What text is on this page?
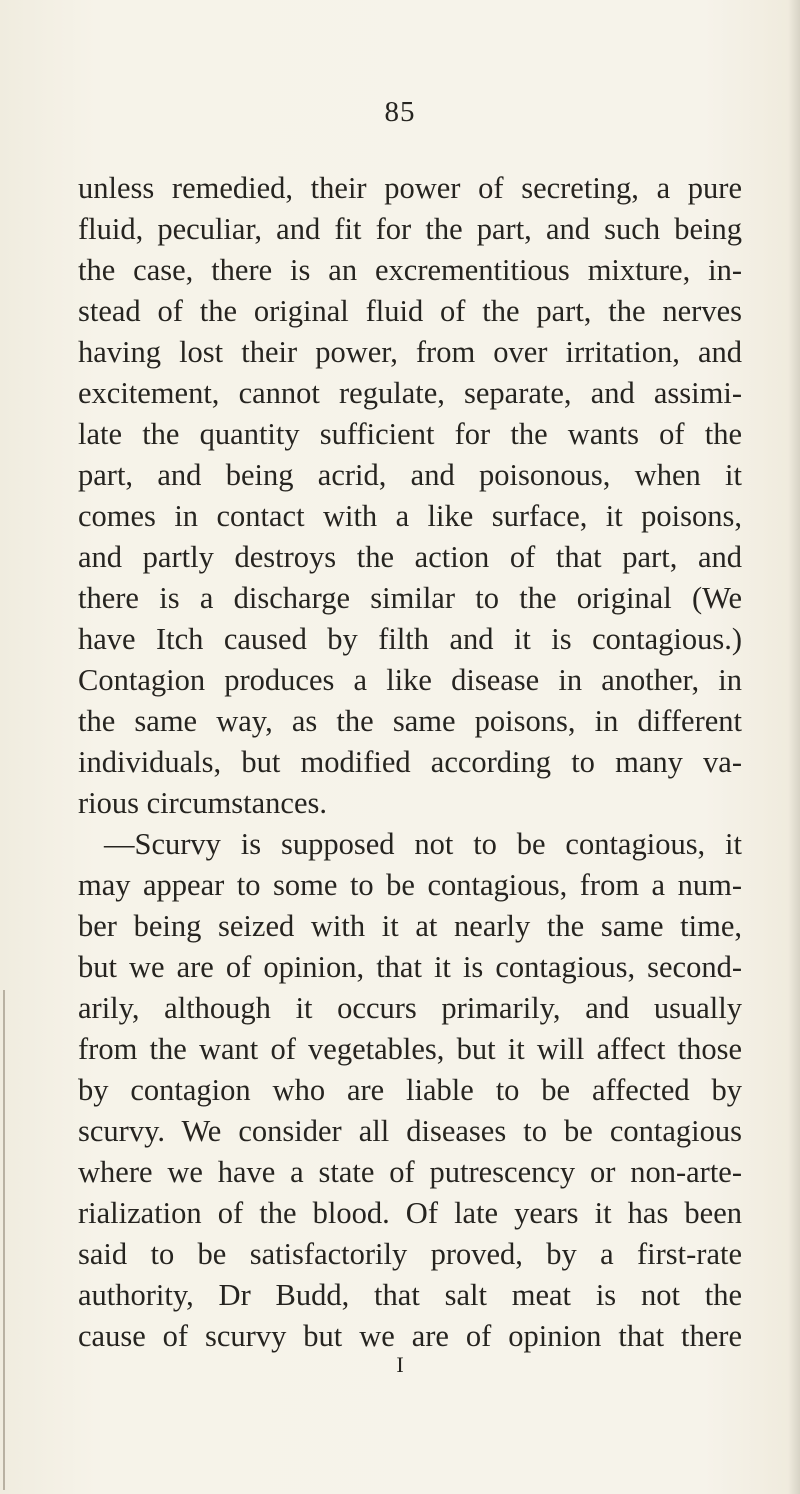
85
unless remedied, their power of secreting, a pure
fluid, peculiar, and fit for the part, and such being
the case, there is an excrementitious mixture, in-
stead of the original fluid of the part, the nerves
having lost their power, from over irritation, and
excitement, cannot regulate, separate, and assimi-
late the quantity sufficient for the wants of the
part, and being acrid, and poisonous, when it
comes in contact with a like surface, it poisons,
and partly destroys the action of that part, and
there is a discharge similar to the original (We
have Itch caused by filth and it is contagious.)
Contagion produces a like disease in another, in
the same way, as the same poisons, in different
individuals, but modified according to many va-
rious circumstances.
—Scurvy is supposed not to be contagious, it
may appear to some to be contagious, from a num-
ber being seized with it at nearly the same time,
but we are of opinion, that it is contagious, second-
arily, although it occurs primarily, and usually
from the want of vegetables, but it will affect those
by contagion who are liable to be affected by
scurvy. We consider all diseases to be contagious
where we have a state of putrescency or non-arte-
rialization of the blood. Of late years it has been
said to be satisfactorily proved, by a first-rate
authority, Dr Budd, that salt meat is not the
cause of scurvy but we are of opinion that there
I
